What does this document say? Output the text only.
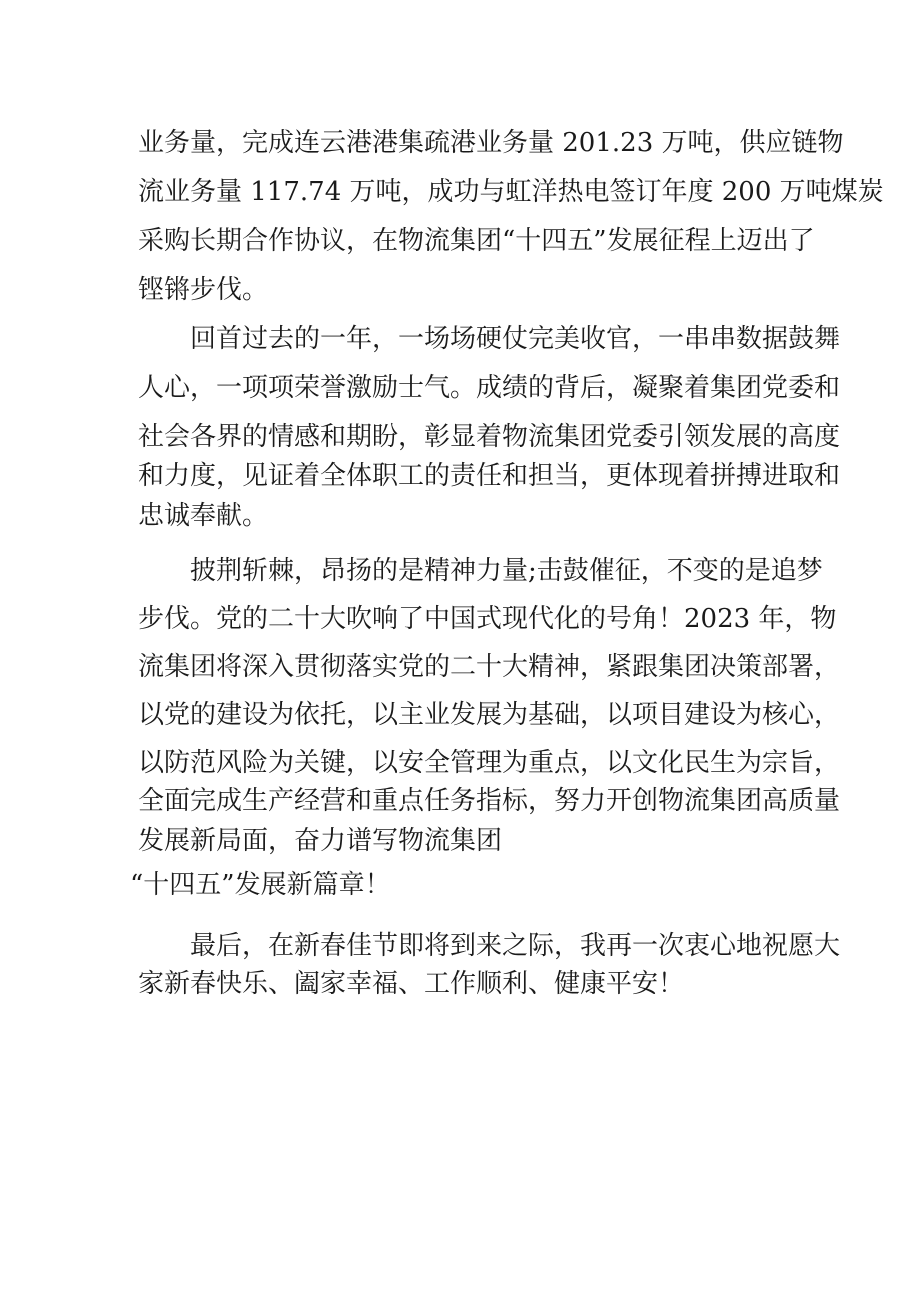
业务量，完成连云港港集疏港业务量 201.23 万吨，供应链物

流业务量 117.74 万吨，成功与虹洋热电签订年度 200 万吨煤炭

采购长期合作协议，在物流集团“十四五”发展征程上迈出了

铿锵步伐。

回首过去的一年，一场场硬仗完美收官，一串串数据鼓舞

人心，一项项荣誉激励士气。成绩的背后，凝聚着集团党委和

社会各界的情感和期盼，彰显着物流集团党委引领发展的高度

和力度，见证着全体职工的责任和担当，更体现着拼搏进取和

忠诚奉献。

披荆斩棘，昂扬的是精神力量;击鼓催征，不变的是追梦

步伐。党的二十大吹响了中国式现代化的号角！2023 年，物

流集团将深入贯彻落实党的二十大精神，紧跟集团决策部署，

以党的建设为依托，以主业发展为基础，以项目建设为核心，

以防范风险为关键，以安全管理为重点，以文化民生为宗旨，

全面完成生产经营和重点任务指标，努力开创物流集团高质量

发展新局面，奋力谱写物流集团

“十四五”发展新篇章！

最后，在新春佳节即将到来之际，我再一次衷心地祝愿大

家新春快乐、阖家幸福、工作顺利、健康平安！
